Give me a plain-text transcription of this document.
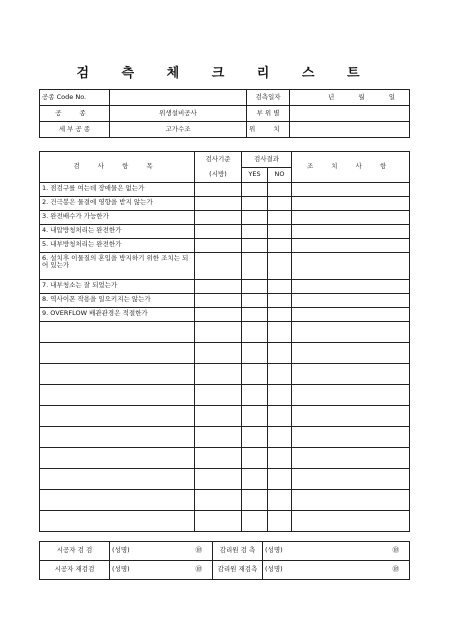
검 측 체 크 리 스 트
공종 Code No.		검측일자	년 월 일

공 종	위생설비공사	부 위 별	
세 부 공 종	고가수조	위 치	
검 사 항 목	검사기준	검사결과		조 치 사 항
	(시방)	YES	NO	
1. 점검구를 여는데 장애물은 없는가				
2. 건극봉은 물결에 영향을 받지 않는가				
3. 완전배수가 가능한가				
4. 내압방청처리는 완전한가				
5. 내부방청처리는 완전한가				
6. 설치후 이물질의 혼입을 방지하기 위한 조치는 되어 있는가				
7. 내부청소는 잘 되었는가				
8. 역사이폰 작용을 일으키지는 않는가				
9. OVERFLOW 배관관경은 적절한가				

시공자 검 검	(성명) ㊞	감리원 검 측	(성명) ㊞

시공자 재검검	(성명) ㊞	감리원 재검측	(성명) ㊞
